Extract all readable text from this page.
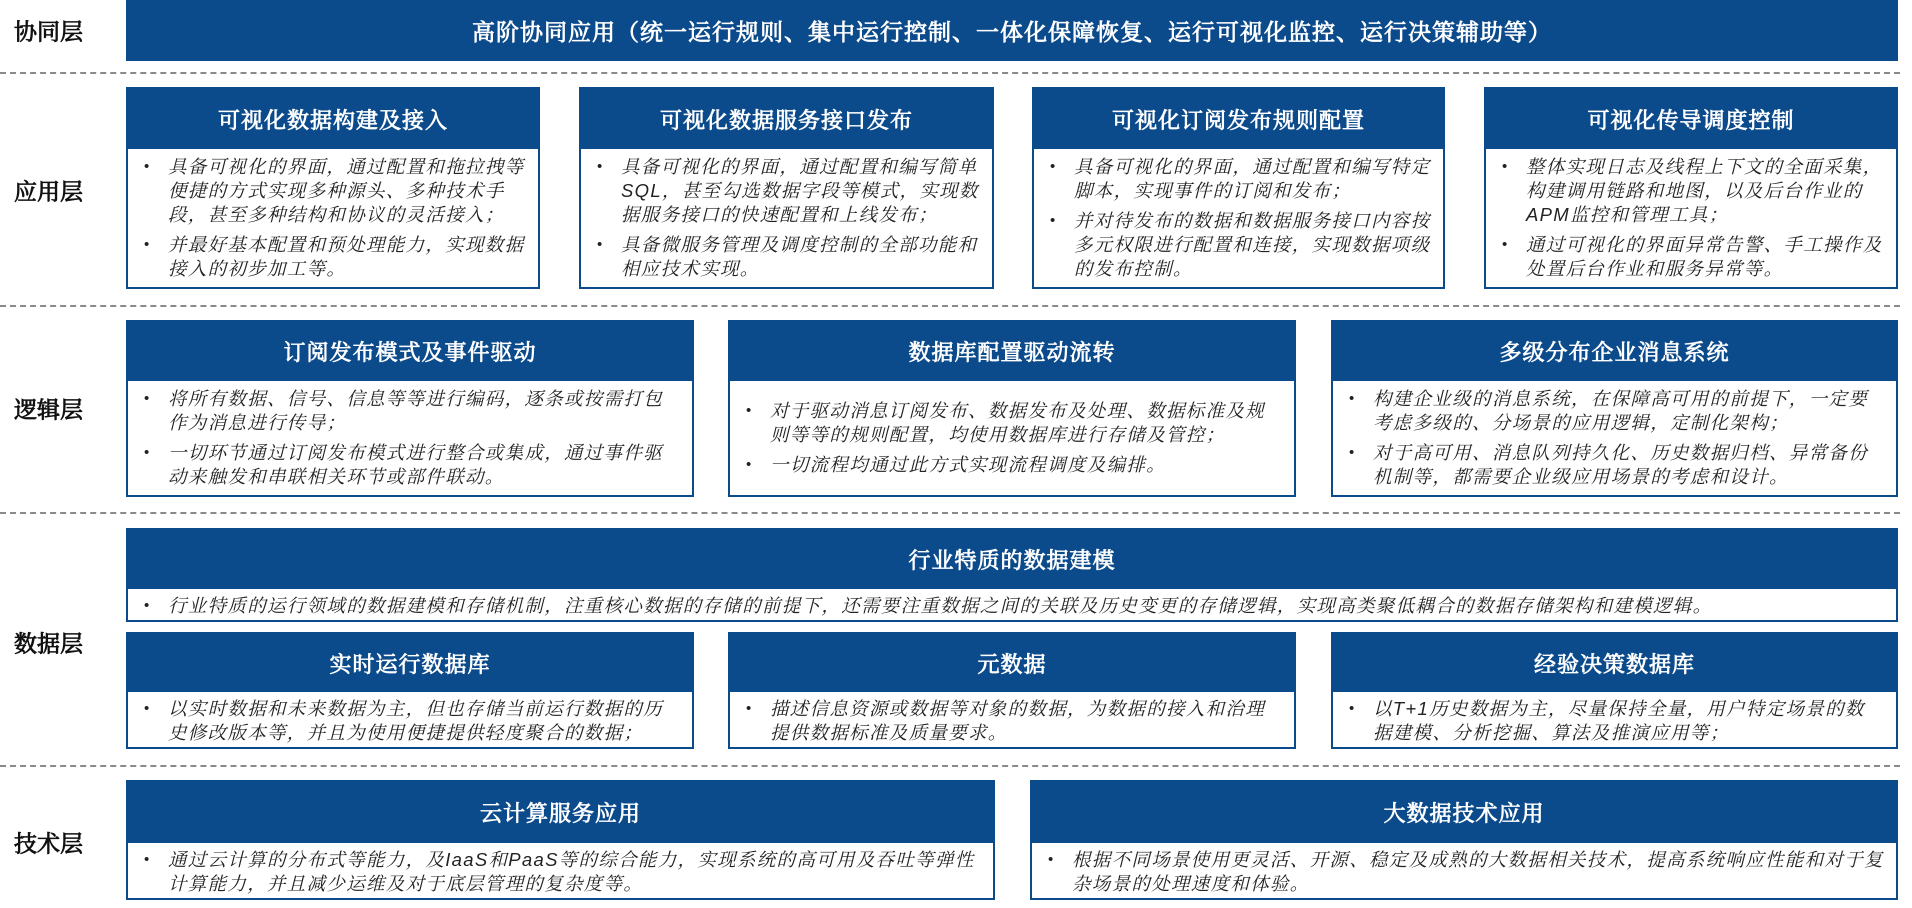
协同层
应用层
逻辑层
数据层
技术层
高阶协同应用（统一运行规则、集中运行控制、一体化保障恢复、运行可视化监控、运行决策辅助等）
可视化数据构建及接入
• 具备可视化的界面，通过配置和拖拉拽等便捷的方式实现多种源头、多种技术手段，甚至多种结构和协议的灵活接入；
• 并最好基本配置和预处理能力，实现数据接入的初步加工等。
可视化数据服务接口发布
• 具备可视化的界面，通过配置和编写简单SQL，甚至勾选数据字段等模式，实现数据服务接口的快速配置和上线发布；
• 具备微服务管理及调度控制的全部功能和相应技术实现。
可视化订阅发布规则配置
• 具备可视化的界面，通过配置和编写特定脚本，实现事件的订阅和发布；
• 并对待发布的数据和数据服务接口内容按多元权限进行配置和连接，实现数据项级的发布控制。
可视化传导调度控制
• 整体实现日志及线程上下文的全面采集，构建调用链路和地图，以及后台作业的APM监控和管理工具；
• 通过可视化的界面异常告警、手工操作及处置后台作业和服务异常等。
订阅发布模式及事件驱动
• 将所有数据、信号、信息等等进行编码，逐条或按需打包作为消息进行传导；
• 一切环节通过订阅发布模式进行整合或集成，通过事件驱动来触发和串联相关环节或部件联动。
数据库配置驱动流转
• 对于驱动消息订阅发布、数据发布及处理、数据标准及规则等等的规则配置，均使用数据库进行存储及管控；
• 一切流程均通过此方式实现流程调度及编排。
多级分布企业消息系统
• 构建企业级的消息系统，在保障高可用的前提下，一定要考虑多级的、分场景的应用逻辑，定制化架构；
• 对于高可用、消息队列持久化、历史数据归档、异常备份机制等，都需要企业级应用场景的考虑和设计。
行业特质的数据建模
• 行业特质的运行领域的数据建模和存储机制，注重核心数据的存储的前提下，还需要注重数据之间的关联及历史变更的存储逻辑，实现高类聚低耦合的数据存储架构和建模逻辑。
实时运行数据库
• 以实时数据和未来数据为主，但也存储当前运行数据的历史修改版本等，并且为使用便捷提供轻度聚合的数据；
元数据
• 描述信息资源或数据等对象的数据，为数据的接入和治理提供数据标准及质量要求。
经验决策数据库
• 以T+1历史数据为主，尽量保持全量，用户特定场景的数据建模、分析挖掘、算法及推演应用等；
云计算服务应用
• 通过云计算的分布式等能力，及IaaS和PaaS等的综合能力，实现系统的高可用及吞吐等弹性计算能力，并且减少运维及对于底层管理的复杂度等。
大数据技术应用
• 根据不同场景使用更灵活、开源、稳定及成熟的大数据相关技术，提高系统响应性能和对于复杂场景的处理速度和体验。
